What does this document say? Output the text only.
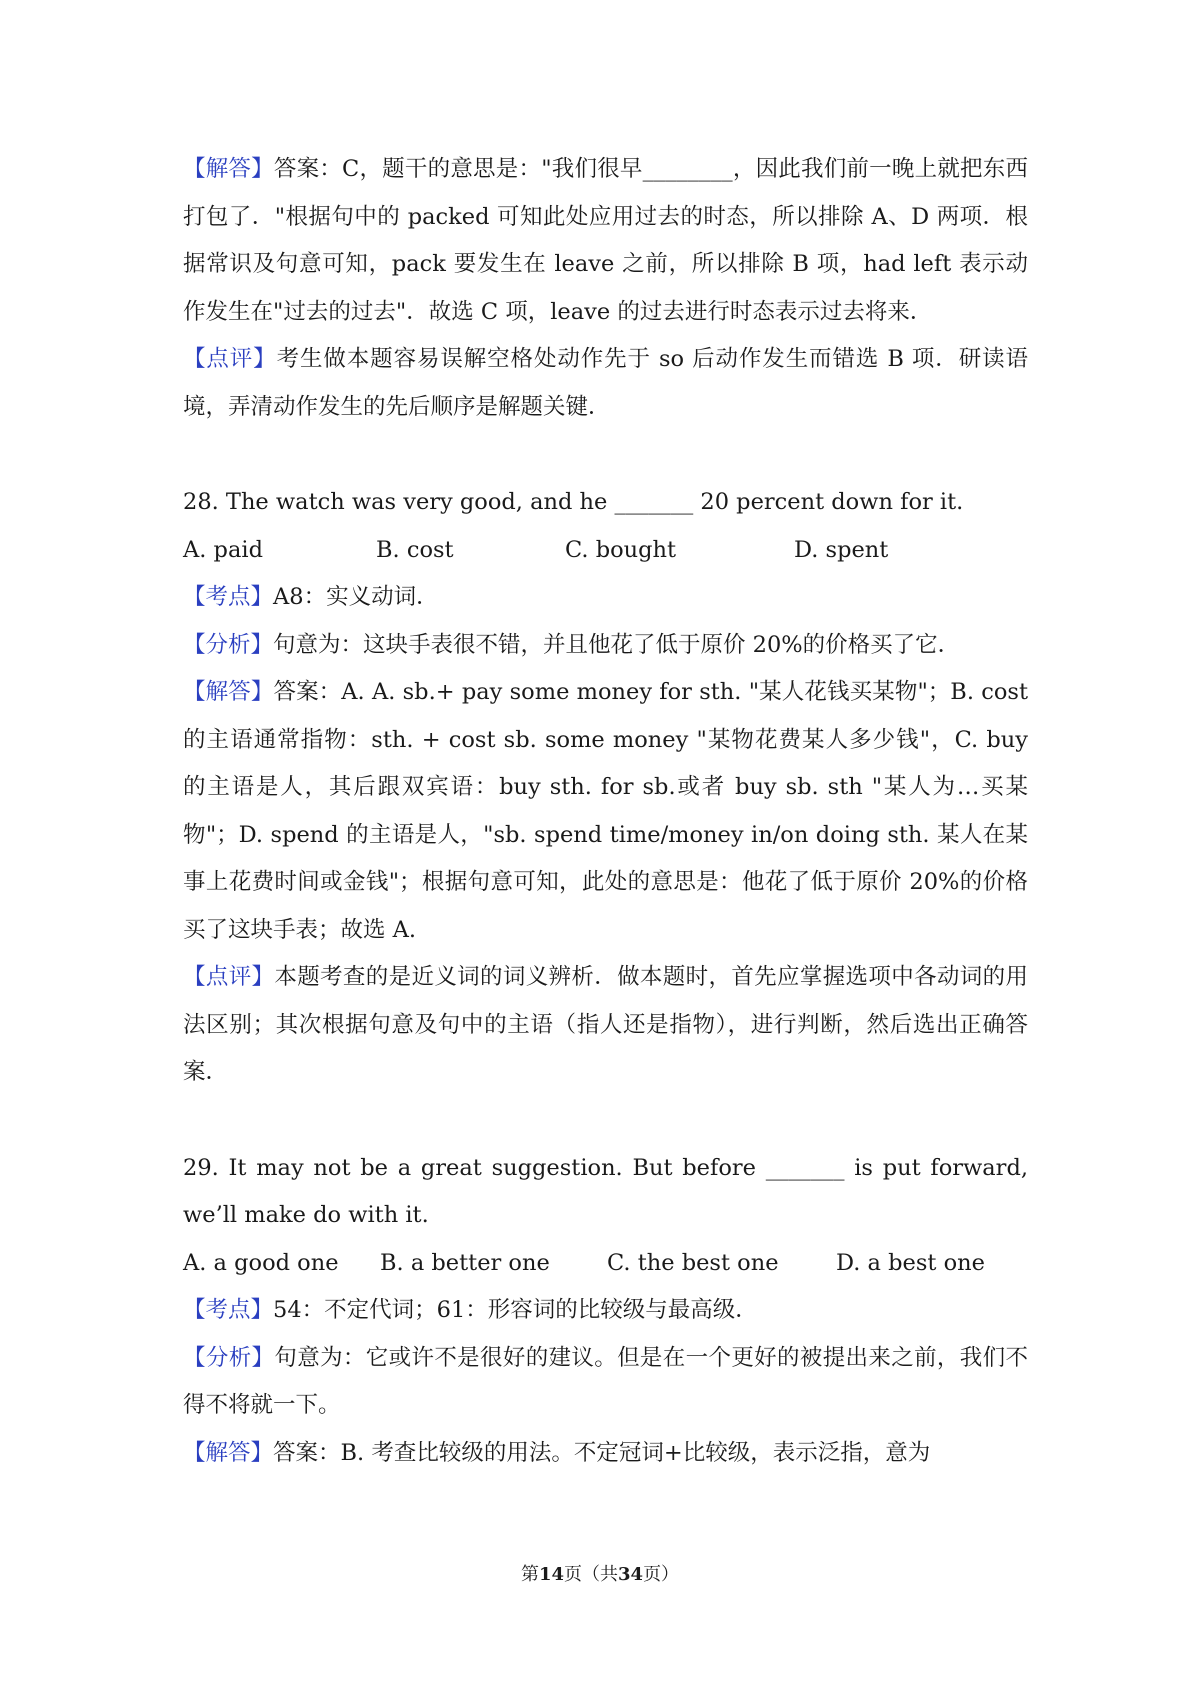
【解答】答案：C，题干的意思是："我们很早________，因此我们前一晚上就把东西打包了．"根据句中的 packed 可知此处应用过去的时态，所以排除 A、D 两项．根据常识及句意可知，pack 要发生在 leave 之前，所以排除 B 项，had left 表示动作发生在"过去的过去"．故选 C 项，leave 的过去进行时态表示过去将来．

【点评】考生做本题容易误解空格处动作先于 so 后动作发生而错选 B 项．研读语境，弄清动作发生的先后顺序是解题关键．

28. The watch was very good, and he _______ 20 percent down for it.

A. paid	B. cost	C. bought	D. spent

【考点】A8：实义动词．

【分析】句意为：这块手表很不错，并且他花了低于原价 20%的价格买了它．

【解答】答案：A. A. sb.+ pay some money for sth. "某人花钱买某物"；B. cost 的主语通常指物：sth. + cost sb. some money "某物花费某人多少钱"，C. buy 的主语是人，其后跟双宾语：buy sth. for sb.或者 buy sb. sth "某人为…买某物"；D. spend 的主语是人，"sb. spend time/money in/on doing sth. 某人在某事上花费时间或金钱"；根据句意可知，此处的意思是：他花了低于原价 20%的价格买了这块手表；故选 A.

【点评】本题考查的是近义词的词义辨析．做本题时，首先应掌握选项中各动词的用法区别；其次根据句意及句中的主语（指人还是指物），进行判断，然后选出正确答案．

29. It may not be a great suggestion. But before _______ is put forward, we’ll make do with it.

A. a good one	B. a better one	C. the best one	D. a best one

【考点】54：不定代词；61：形容词的比较级与最高级．

【分析】句意为：它或许不是很好的建议。但是在一个更好的被提出来之前，我们不得不将就一下。

【解答】答案：B. 考查比较级的用法。不定冠词+比较级，表示泛指，意为

第14页（共34页）
